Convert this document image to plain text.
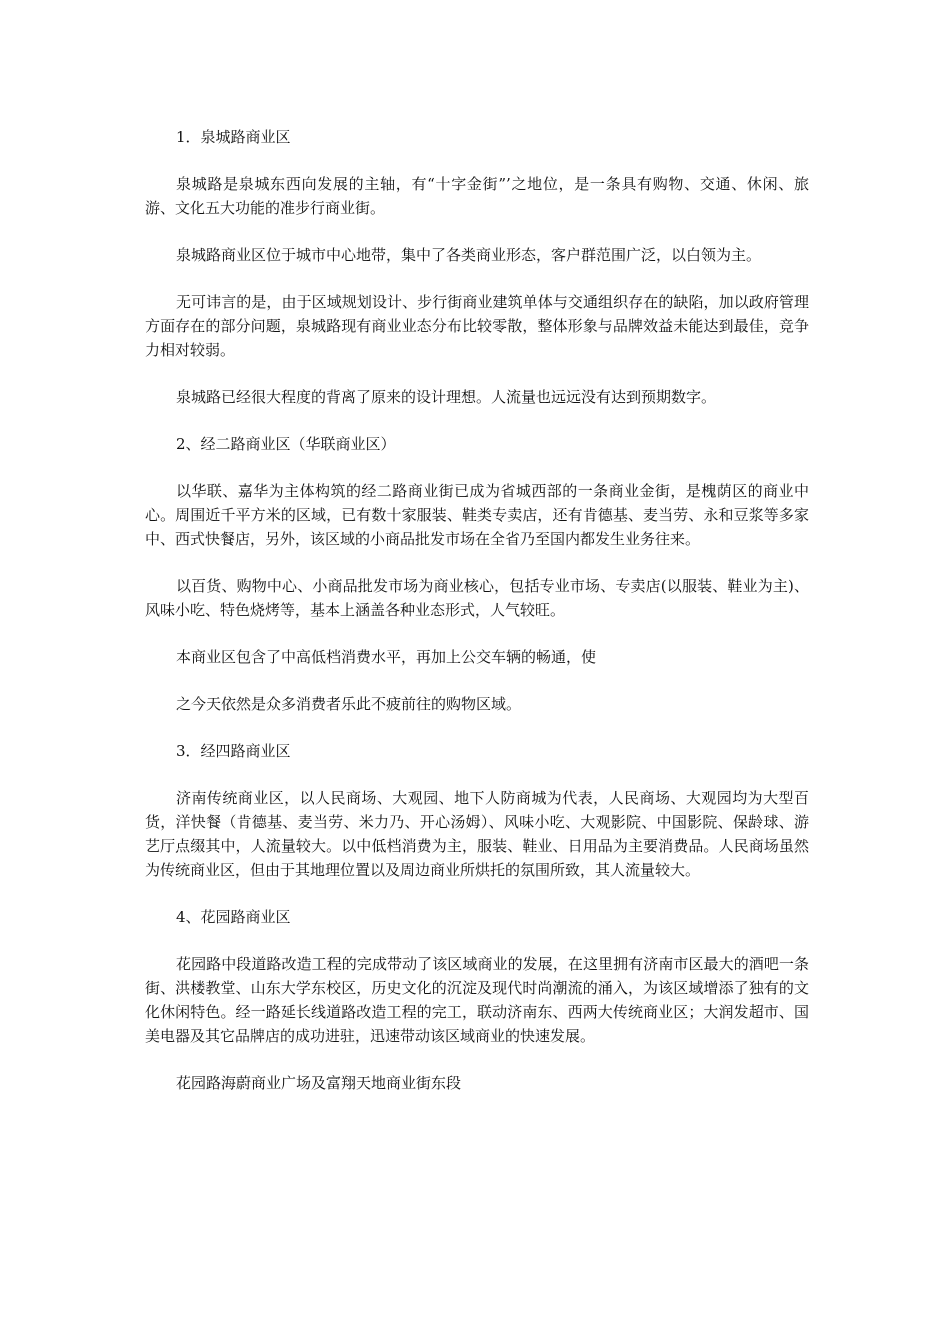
1．泉城路商业区

泉城路是泉城东西向发展的主轴，有“十字金街”’之地位，是一条具有购物、交通、休闲、旅游、文化五大功能的准步行商业街。

泉城路商业区位于城市中心地带，集中了各类商业形态，客户群范围广泛，以白领为主。

无可讳言的是，由于区域规划设计、步行街商业建筑单体与交通组织存在的缺陷，加以政府管理方面存在的部分问题，泉城路现有商业业态分布比较零散，整体形象与品牌效益未能达到最佳，竞争力相对较弱。

泉城路已经很大程度的背离了原来的设计理想。人流量也远远没有达到预期数字。

2、经二路商业区（华联商业区）

以华联、嘉华为主体构筑的经二路商业街已成为省城西部的一条商业金街，是槐荫区的商业中心。周围近千平方米的区域，已有数十家服装、鞋类专卖店，还有肯德基、麦当劳、永和豆浆等多家中、西式快餐店，另外，该区域的小商品批发市场在全省乃至国内都发生业务往来。

以百货、购物中心、小商品批发市场为商业核心，包括专业市场、专卖店(以服装、鞋业为主)、风味小吃、特色烧烤等，基本上涵盖各种业态形式，人气较旺。

本商业区包含了中高低档消费水平，再加上公交车辆的畅通，使

之今天依然是众多消费者乐此不疲前往的购物区域。

3．经四路商业区

济南传统商业区，以人民商场、大观园、地下人防商城为代表，人民商场、大观园均为大型百货，洋快餐（肯德基、麦当劳、米力乃、开心汤姆）、风味小吃、大观影院、中国影院、保龄球、游艺厅点缀其中，人流量较大。以中低档消费为主，服装、鞋业、日用品为主要消费品。人民商场虽然为传统商业区，但由于其地理位置以及周边商业所烘托的氛围所致，其人流量较大。

4、花园路商业区

花园路中段道路改造工程的完成带动了该区域商业的发展，在这里拥有济南市区最大的酒吧一条街、洪楼教堂、山东大学东校区，历史文化的沉淀及现代时尚潮流的涌入，为该区域增添了独有的文化休闲特色。经一路延长线道路改造工程的完工，联动济南东、西两大传统商业区；大润发超市、国美电器及其它品牌店的成功进驻，迅速带动该区域商业的快速发展。

花园路海蔚商业广场及富翔天地商业街东段
